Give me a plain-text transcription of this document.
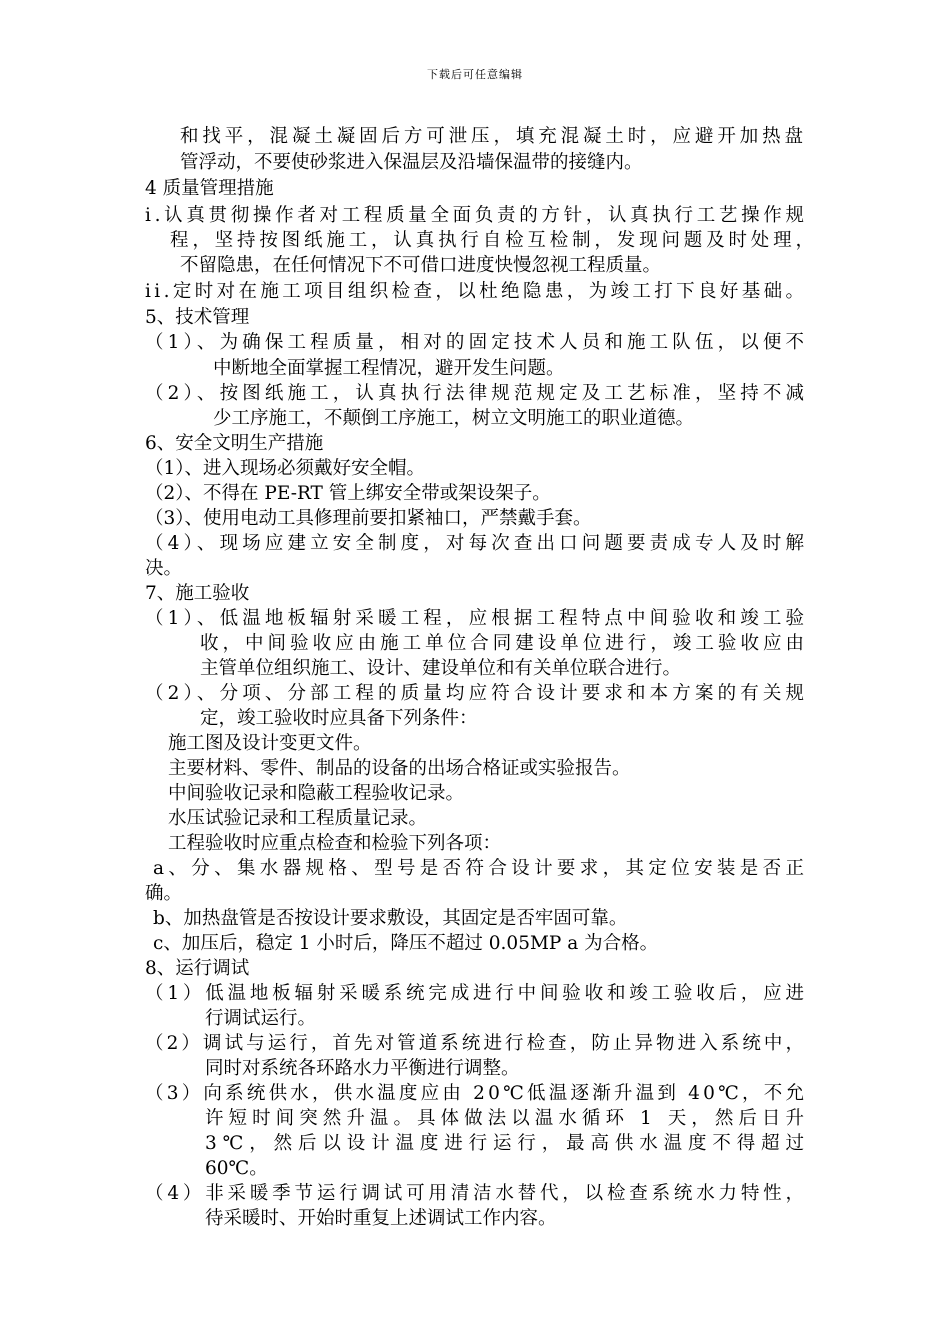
下载后可任意编辑
和找平，混凝土凝固后方可泄压，填充混凝土时，应避开加热盘
管浮动，不要使砂浆进入保温层及沿墙保温带的接缝内。
4 质量管理措施
i.认真贯彻操作者对工程质量全面负责的方针，认真执行工艺操作规
程，坚持按图纸施工，认真执行自检互检制，发现问题及时处理，
不留隐患，在任何情况下不可借口进度快慢忽视工程质量。
ii.定时对在施工项目组织检查，以杜绝隐患，为竣工打下良好基础。
5、技术管理
（1）、为确保工程质量，相对的固定技术人员和施工队伍，以便不
中断地全面掌握工程情况，避开发生问题。
（2）、按图纸施工，认真执行法律规范规定及工艺标准，坚持不减
少工序施工，不颠倒工序施工，树立文明施工的职业道德。
6、安全文明生产措施
（1）、进入现场必须戴好安全帽。
（2）、不得在 PE-RT 管上绑安全带或架设架子。
（3）、使用电动工具修理前要扣紧袖口，严禁戴手套。
（4）、现场应建立安全制度，对每次查出口问题要责成专人及时解
决。
7、施工验收
（1）、低温地板辐射采暖工程，应根据工程特点中间验收和竣工验
收，中间验收应由施工单位合同建设单位进行，竣工验收应由
主管单位组织施工、设计、建设单位和有关单位联合进行。
（2）、分项、分部工程的质量均应符合设计要求和本方案的有关规
定，竣工验收时应具备下列条件：
施工图及设计变更文件。
主要材料、零件、制品的设备的出场合格证或实验报告。
中间验收记录和隐蔽工程验收记录。
水压试验记录和工程质量记录。
工程验收时应重点检查和检验下列各项：
a、分、集水器规格、型号是否符合设计要求，其定位安装是否正
确。
b、加热盘管是否按设计要求敷设，其固定是否牢固可靠。
c、加压后，稳定 1 小时后，降压不超过 0.05MP a 为合格。
8、运行调试
（1）低温地板辐射采暖系统完成进行中间验收和竣工验收后，应进
行调试运行。
（2）调试与运行，首先对管道系统进行检查，防止异物进入系统中，
同时对系统各环路水力平衡进行调整。
（3）向系统供水，供水温度应由 20℃低温逐渐升温到 40℃，不允
许短时间突然升温。具体做法以温水循环 1 天，然后日升
3℃，然后以设计温度进行运行，最高供水温度不得超过
60℃。
（4）非采暖季节运行调试可用清洁水替代，以检查系统水力特性，
待采暖时、开始时重复上述调试工作内容。
